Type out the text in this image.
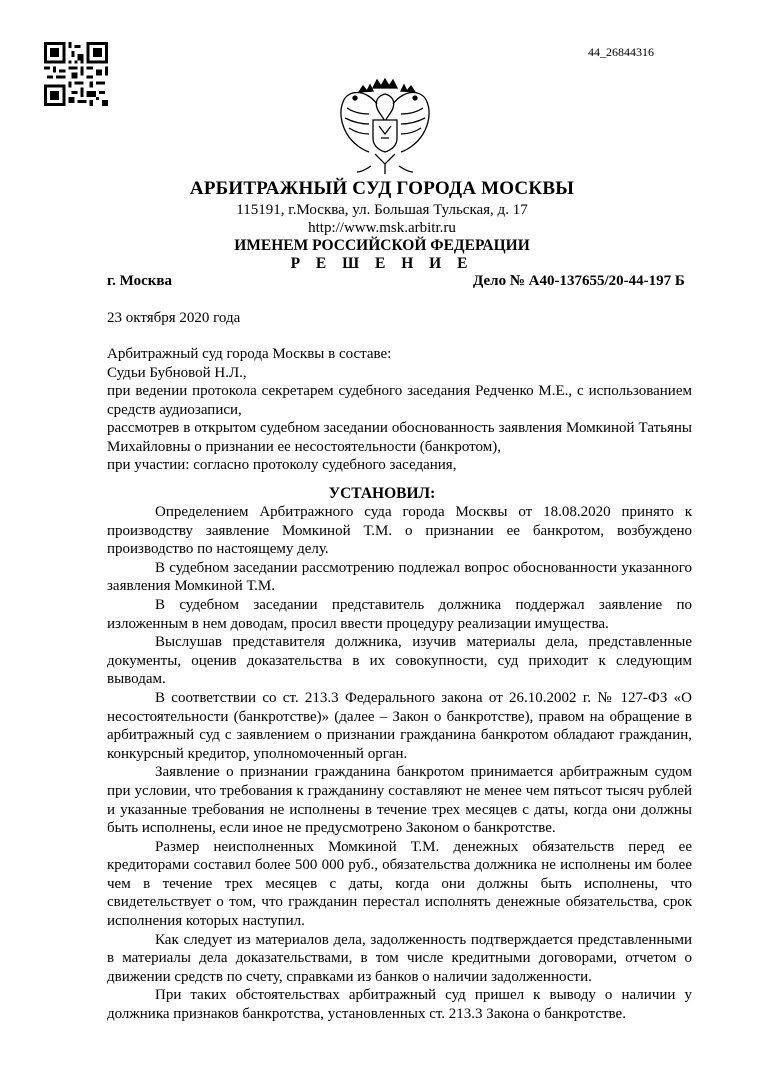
44_26844316
АРБИТРАЖНЫЙ СУД ГОРОДА МОСКВЫ
115191, г.Москва, ул. Большая Тульская, д. 17
http://www.msk.arbitr.ru
ИМЕНЕМ РОССИЙСКОЙ ФЕДЕРАЦИИ
Р Е Ш Е Н И Е
г. Москва	Дело № А40-137655/20-44-197 Б
23 октября 2020 года
Арбитражный суд города Москвы в составе:
Судьи Бубновой Н.Л.,
при ведении протокола секретарем судебного заседания Редченко М.Е., с использованием средств аудиозаписи,
рассмотрев в открытом судебном заседании обоснованность заявления Момкиной Татьяны Михайловны о признании ее несостоятельности (банкротом),
при участии: согласно протоколу судебного заседания,
УСТАНОВИЛ:

Определением Арбитражного суда города Москвы от 18.08.2020 принято к производству заявление Момкиной Т.М. о признании ее банкротом, возбуждено производство по настоящему делу.

В судебном заседании рассмотрению подлежал вопрос обоснованности указанного заявления Момкиной Т.М.

В судебном заседании представитель должника поддержал заявление по изложенным в нем доводам, просил ввести процедуру реализации имущества.

Выслушав представителя должника, изучив материалы дела, представленные документы, оценив доказательства в их совокупности, суд приходит к следующим выводам.

В соответствии со ст. 213.3 Федерального закона от 26.10.2002 г. № 127-ФЗ «О несостоятельности (банкротстве)» (далее – Закон о банкротстве), правом на обращение в арбитражный суд с заявлением о признании гражданина банкротом обладают гражданин, конкурсный кредитор, уполномоченный орган.

Заявление о признании гражданина банкротом принимается арбитражным судом при условии, что требования к гражданину составляют не менее чем пятьсот тысяч рублей и указанные требования не исполнены в течение трех месяцев с даты, когда они должны быть исполнены, если иное не предусмотрено Законом о банкротстве.

Размер неисполненных Момкиной Т.М. денежных обязательств перед ее кредиторами составил более 500 000 руб., обязательства должника не исполнены им более чем в течение трех месяцев с даты, когда они должны быть исполнены, что свидетельствует о том, что гражданин перестал исполнять денежные обязательства, срок исполнения которых наступил.

Как следует из материалов дела, задолженность подтверждается представленными в материалы дела доказательствами, в том числе кредитными договорами, отчетом о движении средств по счету, справками из банков о наличии задолженности.

При таких обстоятельствах арбитражный суд пришел к выводу о наличии у должника признаков банкротства, установленных ст. 213.3 Закона о банкротстве.
